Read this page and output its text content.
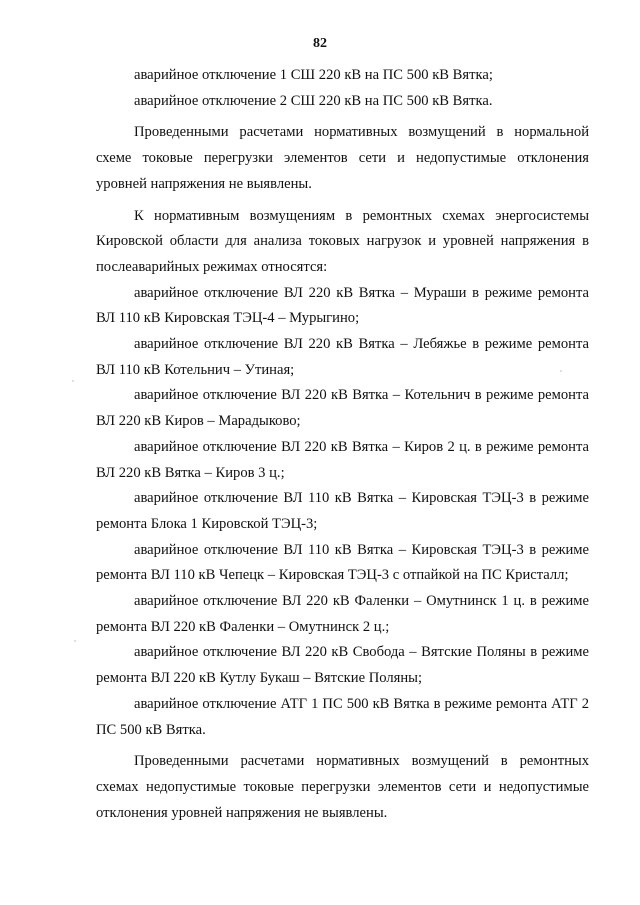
82

аварийное отключение 1 СШ 220 кВ на ПС 500 кВ Вятка;

аварийное отключение 2 СШ 220 кВ на ПС 500 кВ Вятка.

Проведенными расчетами нормативных возмущений в нормальной схеме токовые перегрузки элементов сети и недопустимые отклонения уровней напряжения не выявлены.

К нормативным возмущениям в ремонтных схемах энергосистемы Кировской области для анализа токовых нагрузок и уровней напряжения в послеаварийных режимах относятся:

аварийное отключение ВЛ 220 кВ Вятка – Мураши в режиме ремонта ВЛ 110 кВ Кировская ТЭЦ-4 – Мурыгино;

аварийное отключение ВЛ 220 кВ Вятка – Лебяжье в режиме ремонта ВЛ 110 кВ Котельнич – Утиная;

аварийное отключение ВЛ 220 кВ Вятка – Котельнич в режиме ремонта ВЛ 220 кВ Киров – Марадыково;

аварийное отключение ВЛ 220 кВ Вятка – Киров 2 ц. в режиме ремонта ВЛ 220 кВ Вятка – Киров 3 ц.;

аварийное отключение ВЛ 110 кВ Вятка – Кировская ТЭЦ-3 в режиме ремонта Блока 1 Кировской ТЭЦ-3;

аварийное отключение ВЛ 110 кВ Вятка – Кировская ТЭЦ-3 в режиме ремонта ВЛ 110 кВ Чепецк – Кировская ТЭЦ-3 с отпайкой на ПС Кристалл;

аварийное отключение ВЛ 220 кВ Фаленки – Омутнинск 1 ц. в режиме ремонта ВЛ 220 кВ Фаленки – Омутнинск 2 ц.;

аварийное отключение ВЛ 220 кВ Свобода – Вятские Поляны в режиме ремонта ВЛ 220 кВ Кутлу Букаш – Вятские Поляны;

аварийное отключение АТГ 1 ПС 500 кВ Вятка в режиме ремонта АТГ 2 ПС 500 кВ Вятка.

Проведенными расчетами нормативных возмущений в ремонтных схемах недопустимые токовые перегрузки элементов сети и недопустимые отклонения уровней напряжения не выявлены.
